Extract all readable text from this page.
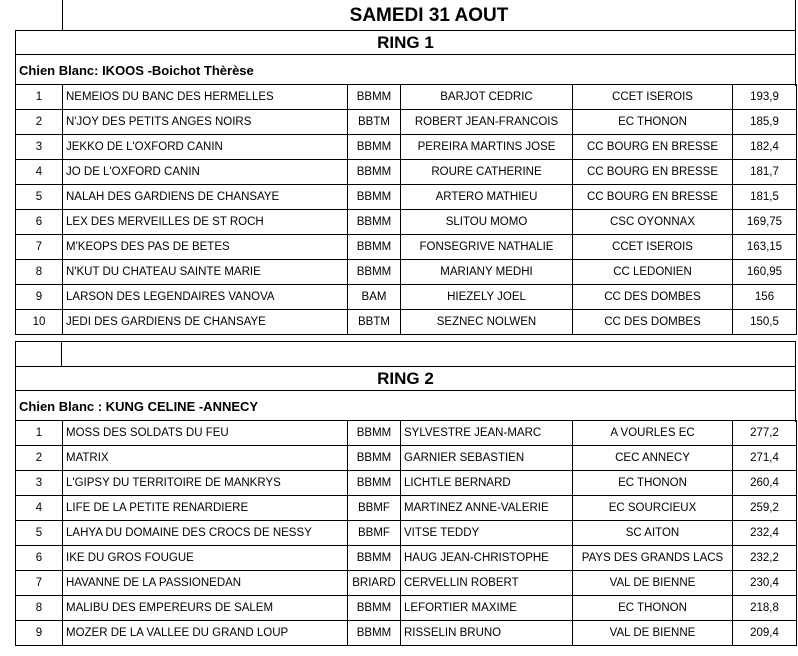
SAMEDI 31 AOUT
RING 1
Chien Blanc: IKOOS -Boichot Thèrèse
1	NEMEIOS DU BANC DES HERMELLES	BBMM	BARJOT CEDRIC	CCET ISEROIS	193,9
2	N'JOY DES PETITS ANGES NOIRS	BBTM	ROBERT JEAN-FRANCOIS	EC THONON	185,9
3	JEKKO DE L'OXFORD CANIN	BBMM	PEREIRA MARTINS JOSE	CC BOURG EN BRESSE	182,4
4	JO DE L'OXFORD CANIN	BBMM	ROURE CATHERINE	CC BOURG EN BRESSE	181,7
5	NALAH DES GARDIENS DE CHANSAYE	BBMM	ARTERO MATHIEU	CC BOURG EN BRESSE	181,5
6	LEX DES MERVEILLES DE ST ROCH	BBMM	SLITOU MOMO	CSC OYONNAX	169,75
7	M'KEOPS DES PAS DE BETES	BBMM	FONSEGRIVE NATHALIE	CCET ISEROIS	163,15
8	N'KUT DU CHATEAU SAINTE MARIE	BBMM	MARIANY MEDHI	CC LEDONIEN	160,95
9	LARSON DES LEGENDAIRES VANOVA	BAM	HIEZELY JOEL	CC DES DOMBES	156
10	JEDI DES GARDIENS DE CHANSAYE	BBTM	SEZNEC NOLWEN	CC DES DOMBES	150,5
RING 2
Chien Blanc : KUNG CELINE -ANNECY
1	MOSS DES SOLDATS DU FEU	BBMM	SYLVESTRE JEAN-MARC	A VOURLES EC	277,2
2	MATRIX	BBMM	GARNIER SEBASTIEN	CEC ANNECY	271,4
3	L'GIPSY DU TERRITOIRE DE MANKRYS	BBMM	LICHTLE BERNARD	EC THONON	260,4
4	LIFE DE LA PETITE RENARDIERE	BBMF	MARTINEZ ANNE-VALERIE	EC SOURCIEUX	259,2
5	LAHYA DU DOMAINE DES CROCS DE NESSY	BBMF	VITSE TEDDY	SC AITON	232,4
6	IKE DU GROS FOUGUE	BBMM	HAUG JEAN-CHRISTOPHE	PAYS DES GRANDS LACS	232,2
7	HAVANNE DE LA PASSIONEDAN	BRIARD	CERVELLIN ROBERT	VAL DE BIENNE	230,4
8	MALIBU DES EMPEREURS DE SALEM	BBMM	LEFORTIER MAXIME	EC THONON	218,8
9	MOZER DE LA VALLEE DU GRAND LOUP	BBMM	RISSELIN BRUNO	VAL DE BIENNE	209,4
